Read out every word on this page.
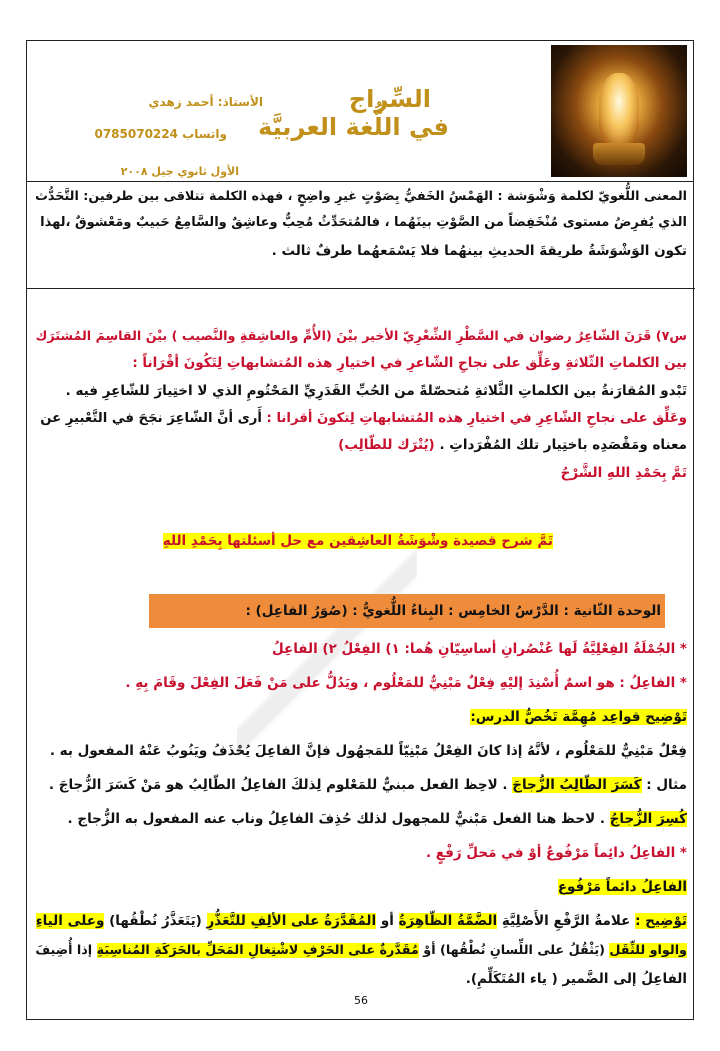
السِّراج
في اللُّغة العربيَّة
الأستاذ: أحمد زهدي
واتساب 0785070224
الأول ثانوي جيل ٢٠٠٨
المعنى اللُّغويّ لكلمة وَشْوَشة : الهَمْسُ الخَفيُّ بِصَوْتٍ غيرِ واضِحٍ ، فهذه الكلمة تتلاقى بين طرفين: التَّحَدُّث
الذي يُفرِضُ مستوى مُنْخَفِضاً من الصَّوْتِ بينَهُما ، فالمُتحَدِّثُ مُحِبٌّ وعاشِقٌ والسَّامِعُ حَبيبٌ ومَعْشوقٌ ،لهذا
تكون الوَشْوَشَةُ طريقةَ الحديثِ بينهُما فلا يَسْمَعهُما طرفٌ ثالث .
س٧) قَرَنَ الشّاعِرُ رضوان في السَّطْرِ الشِّعْرِيّ الأخير بيْنَ (الأُمِّ والعاشِقةِ والنَّصيب ) بيْنَ القاسِمَ المُشتَرَك
بين الكلماتِ الثّلاثةِ وعَلِّق على نجاحِ الشّاعرِ في اختيارِ هذه المُتشابهاتِ لِتَكُونَ أقْرَاناً :
تَبْدو المُقارَنةُ بين الكلماتِ الثَّلاثةِ مُتحصّلةً من الحُبِّ القَدَرِيِّ المَحْتُومِ الذي لا اختِيارَ للشّاعِرِ فيه .
وعَلِّق على نجاحِ الشّاعِرِ في اختيارِ هذه المُتشابهاتِ لِتكونَ أقرانا : أَرى أنَّ الشّاعِرَ نجَحَ في التَّعْبيرِ عن
معناه ومَقْصَدِه باختِيار تلك المُفْرَداتِ . (يُتْرَك للطّالِب)
تَمَّ بِحَمْدِ اللهِ الشَّرْحُ
تَمَّ شرح قصيدة وشْوَشَةُ العاشِقين مع حل أسئلتها بِحَمْدِ اللهِ
الوحدة الثّانية : الدَّرْسُ الخامِس : البِناءُ اللُّغويُّ : (صُوَرُ الفاعِل) :
* الجُمْلَةُ الفِعْلِيَّةُ لَها عُنْصُرانِ أساسِيّانِ هُما: ١) الفِعْلُ ٢) الفاعِلُ
* الفاعِلُ : هو اسمٌ أُسْنِدَ إليْهِ فِعْلٌ مَبْنِيٌّ للمَعْلُوم ، ويَدُلُّ على مَنْ فَعَلَ الفِعْلَ وقَامَ بِهِ .
تَوْضِيح قواعِد مُهِمَّة تَخُصُّ الدرس:
فِعْلٌ مَبْنِيٌّ للمَعْلُوم ، لأنَّهُ إذا كانَ الفِعْلُ مَبْنِيّاً للمَجهُول فإنَّ الفاعِلَ يُحْذَفُ ويَنُوبُ عَنْهُ المفعول به .
مثال : كَسَرَ الطّالِبُ الزُّجاجَ . لاحِظ الفعل مبنيٌّ للمَعْلوم لِذلكَ الفاعِلُ الطّالِبُ هو مَنْ كَسَرَ الزُّجاجَ .
كُسِرَ الزُّجاجُ . لاحظ هنا الفعل مَبْنيٌّ للمجهول لذلك حُذِفَ الفاعِلُ وناب عنه المفعول به الزُّجاج .
* الفاعِلُ دائِماً مَرْفُوعٌ أوْ في مَحلِّ رَفْعٍ .
الفاعِلُ دائماً مَرْفُوع
تَوْضِيح : علامةُ الرَّفْعِ الأَصْلِيَّةِ الضَّمَّةُ الظّاهِرَةُ أو المُقَدَّرَةُ على الألِفِ للتَّعَذُّرِ (يَتَعَذَّرُ نُطْقُها) وعلى الياءِ
والواو للثِّقَل (يَثْقُلُ على اللِّسانِ نُطْقُها) أوْ مُقَدَّرةٌ على الحَرْفِ لاشْتِغالِ المَحَلِّ بالحَرَكَةِ المُناسِبَةِ إذا أُضِيفَ
الفاعِلُ إلى الضَّمير ( ياء المُتَكَلِّمِ).
56
